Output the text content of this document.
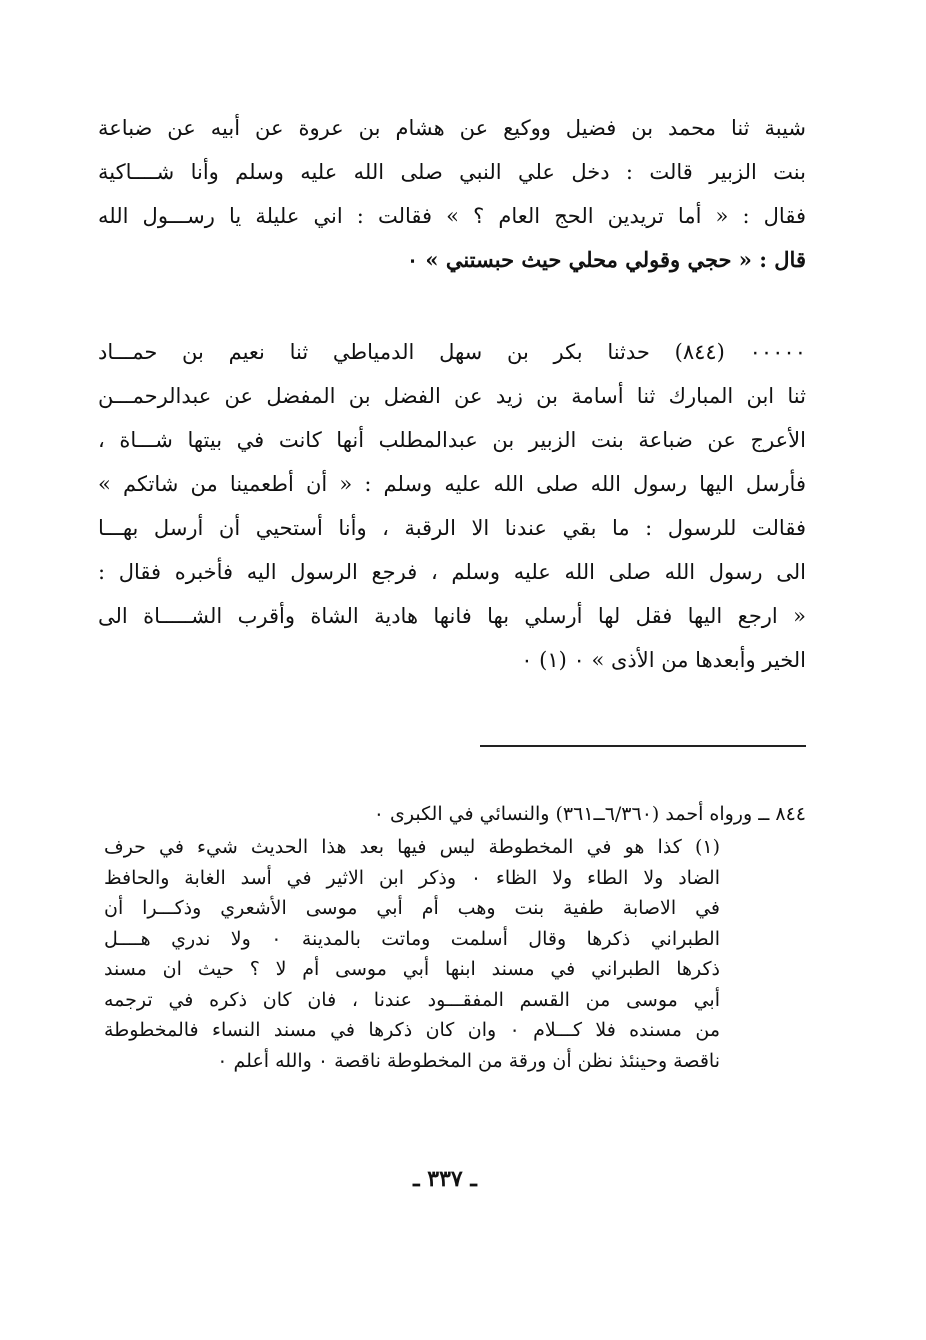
شيبة ثنا محمد بن فضيل ووكيع عن هشام بن عروة عن أبيه عن ضباعة
بنت الزبير قالت : دخل علي النبي صلى الله عليه وسلم وأنا شــــاكية
فقال : « أما تريدين الحج العام ؟ » فقالت : اني عليلة يا رســـول الله
قال : « حجي وقولي محلي حيث حبستني » ٠
٠٠٠٠٠ (٨٤٤) حدثنا بكر بن سهل الدمياطي ثنا نعيم بن حمـــاد
ثنا ابن المبارك ثنا أسامة بن زيد عن الفضل بن المفضل عن عبدالرحمـــن
الأعرج عن ضباعة بنت الزبير بن عبدالمطلب أنها كانت في بيتها شـــاة ،
فأرسل اليها رسول الله صلى الله عليه وسلم : « أن أطعمينا من شاتكم »
فقالت للرسول : ما بقي عندنا الا الرقبة ، وأنا أستحيي أن أرسل بهـــا
الى رسول الله صلى الله عليه وسلم ، فرجع الرسول اليه فأخبره فقال :
« ارجع اليها فقل لها أرسلي بها فانها هادية الشاة وأقرب الشـــــاة الى
الخير وأبعدها من الأذى » ٠ (١) ٠
٨٤٤ ــ ورواه أحمد (٦/٣٦٠ــ٣٦١) والنسائي في الكبرى ٠
(١) كذا هو في المخطوطة ليس فيها بعد هذا الحديث شيء في حرف
الضاد ولا الطاء ولا الظاء ٠ وذكر ابن الاثير في أسد الغابة والحافظ
في الاصابة طفية بنت وهب أم أبي موسى الأشعري وذكـــرا أن
الطبراني ذكرها وقال أسلمت وماتت بالمدينة ٠ ولا ندري هــــل
ذكرها الطبراني في مسند ابنها أبي موسى أم لا ؟ حيث ان مسند
أبي موسى من القسم المفقـــود عندنا ، فان كان ذكره في ترجمه
من مسنده فلا كـــلام ٠ وان كان ذكرها في مسند النساء فالمخطوطة
ناقصة وحينئذ نظن أن ورقة من المخطوطة ناقصة ٠ والله أعلم ٠
ـ ٣٣٧ ـ
